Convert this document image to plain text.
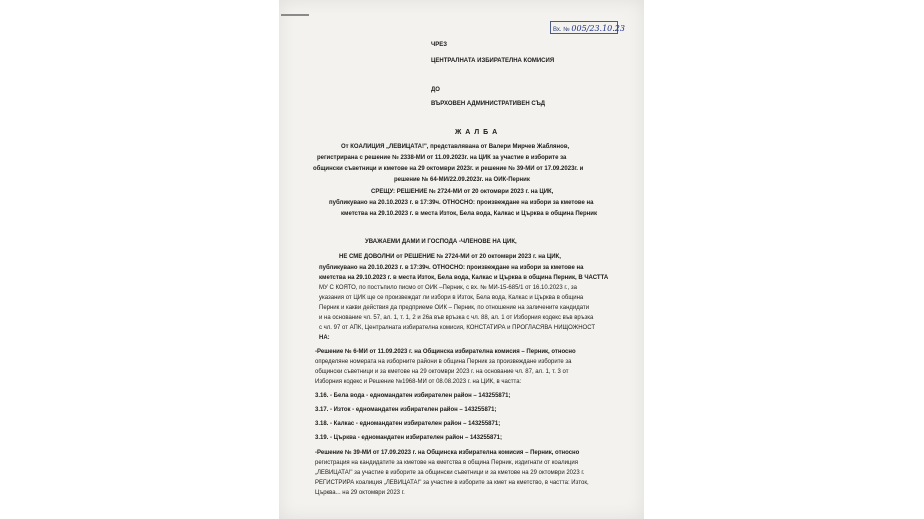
Вх. № 005/23.10.23
ЧРЕЗ
ЦЕНТРАЛНАТА ИЗБИРАТЕЛНА КОМИСИЯ
ДО
ВЪРХОВЕН АДМИНИСТРАТИВЕН СЪД
Ж А Л Б А
От КОАЛИЦИЯ „ЛЕВИЦАТА!", представлявана от Валери Мирчев Жаблянов,
регистрирана с решение № 2338-МИ от 11.09.2023г. на ЦИК за участие в изборите за
общински съветници и кметове на 29 октомври 2023г. и решение № 39-МИ от 17.09.2023г. и
решение № 64-МИ/22.09.2023г. на ОИК-Перник
СРЕЩУ: РЕШЕНИЕ № 2724-МИ от 20 октомври 2023 г. на ЦИК,
публикувано на 20.10.2023 г. в 17:39ч. ОТНОСНО: произвеждане на избори за кметове на
кметства на 29.10.2023 г. в места Изток, Бела вода, Калкас и Църква в община Перник
УВАЖАЕМИ ДАМИ И ГОСПОДА -ЧЛЕНОВЕ НА ЦИК,
НЕ СМЕ ДОВОЛНИ от РЕШЕНИЕ № 2724-МИ от 20 октомври 2023 г. на ЦИК,
публикувано на 20.10.2023 г. в 17:39ч. ОТНОСНО: произвеждане на избори за кметове на
кметства на 29.10.2023 г. в места Изток, Бела вода, Калкас и Църква в община Перник, В ЧАСТТА
МУ С КОЯТО, по постъпило писмо от ОИК –Перник, с вх. № МИ-15-685/1 от 16.10.2023 г., за
указания от ЦИК ще се произвеждат ли избори в Изток, Бела вода, Калкас и Църква в община
Перник и какви действия да предприеме ОИК – Перник, по отношение на заличените кандидати
и на основание чл. 57, ал. 1, т. 1, 2 и 26а във връзка с чл. 88, ал. 1 от Изборния кодекс във връзка
с чл. 97 от АПК, Централната избирателна комисия, КОНСТАТИРА и ПРОГЛАСЯВА НИЩОЖНОСТ
НА:
-Решение № 6-МИ от 11.09.2023 г. на Общинска избирателна комисия – Перник, относно
определяне номерата на изборните райони в община Перник за произвеждане изборите за
общински съветници и за кметове на 29 октомври 2023 г. на основание чл. 87, ал. 1, т. 3 от
Изборния кодекс и Решение №1968-МИ от 08.08.2023 г. на ЦИК, в частта:
3.16. - Бела вода - едномандатен избирателен район – 143255871;
3.17. - Изток - едномандатен избирателен район – 143255871;
3.18. - Калкас - едномандатен избирателен район – 143255871;
3.19. - Църква - едномандатен избирателен район – 143255871;
-Решение № 39-МИ от 17.09.2023 г. на Общинска избирателна комисия – Перник, относно
регистрация на кандидатите за кметове на кметства в община Перник, издигнати от коалиция
„ЛЕВИЦАТА!" за участие в изборите за общински съветници и за кметове на 29 октомври 2023 г.
РЕГИСТРИРА коалиция „ЛЕВИЦАТА!" за участие в изборите за кмет на кметство, в частта: Изток,
Църква... на 29 октомври 2023 г.
